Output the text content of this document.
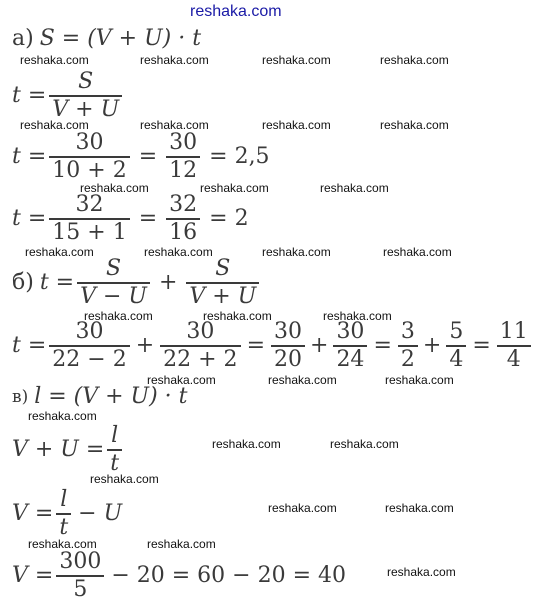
reshaka.com
reshaka.com	reshaka.com	reshaka.com	reshaka.com
reshaka.com	reshaka.com	reshaka.com	reshaka.com
reshaka.com	reshaka.com	reshaka.com
reshaka.com	reshaka.com	reshaka.com	reshaka.com
reshaka.com	reshaka.com	reshaka.com
reshaka.com	reshaka.com	reshaka.com
reshaka.com
reshaka.com	reshaka.com
reshaka.com
reshaka.com	reshaka.com
reshaka.com	reshaka.com
reshaka.com
а) S = (V + U) · t
$t = \frac{S}{V + U}$
$t = \frac{30}{10 + 2} = \frac{30}{12} = 2,5$
$t = \frac{32}{15 + 1} = \frac{32}{16} = 2$
б) $t = \frac{S}{V - U} + \frac{S}{V + U}$
$t = \frac{30}{22 - 2} + \frac{30}{22 + 2} = \frac{30}{20} + \frac{30}{24} = \frac{3}{2} + \frac{5}{4} = \frac{11}{4}$
в) l = (V + U) · t
$V + U = \frac{l}{t}$
$V = \frac{l}{t} - U$
$V = \frac{300}{5} - 20 = 60 - 20 = 40$
